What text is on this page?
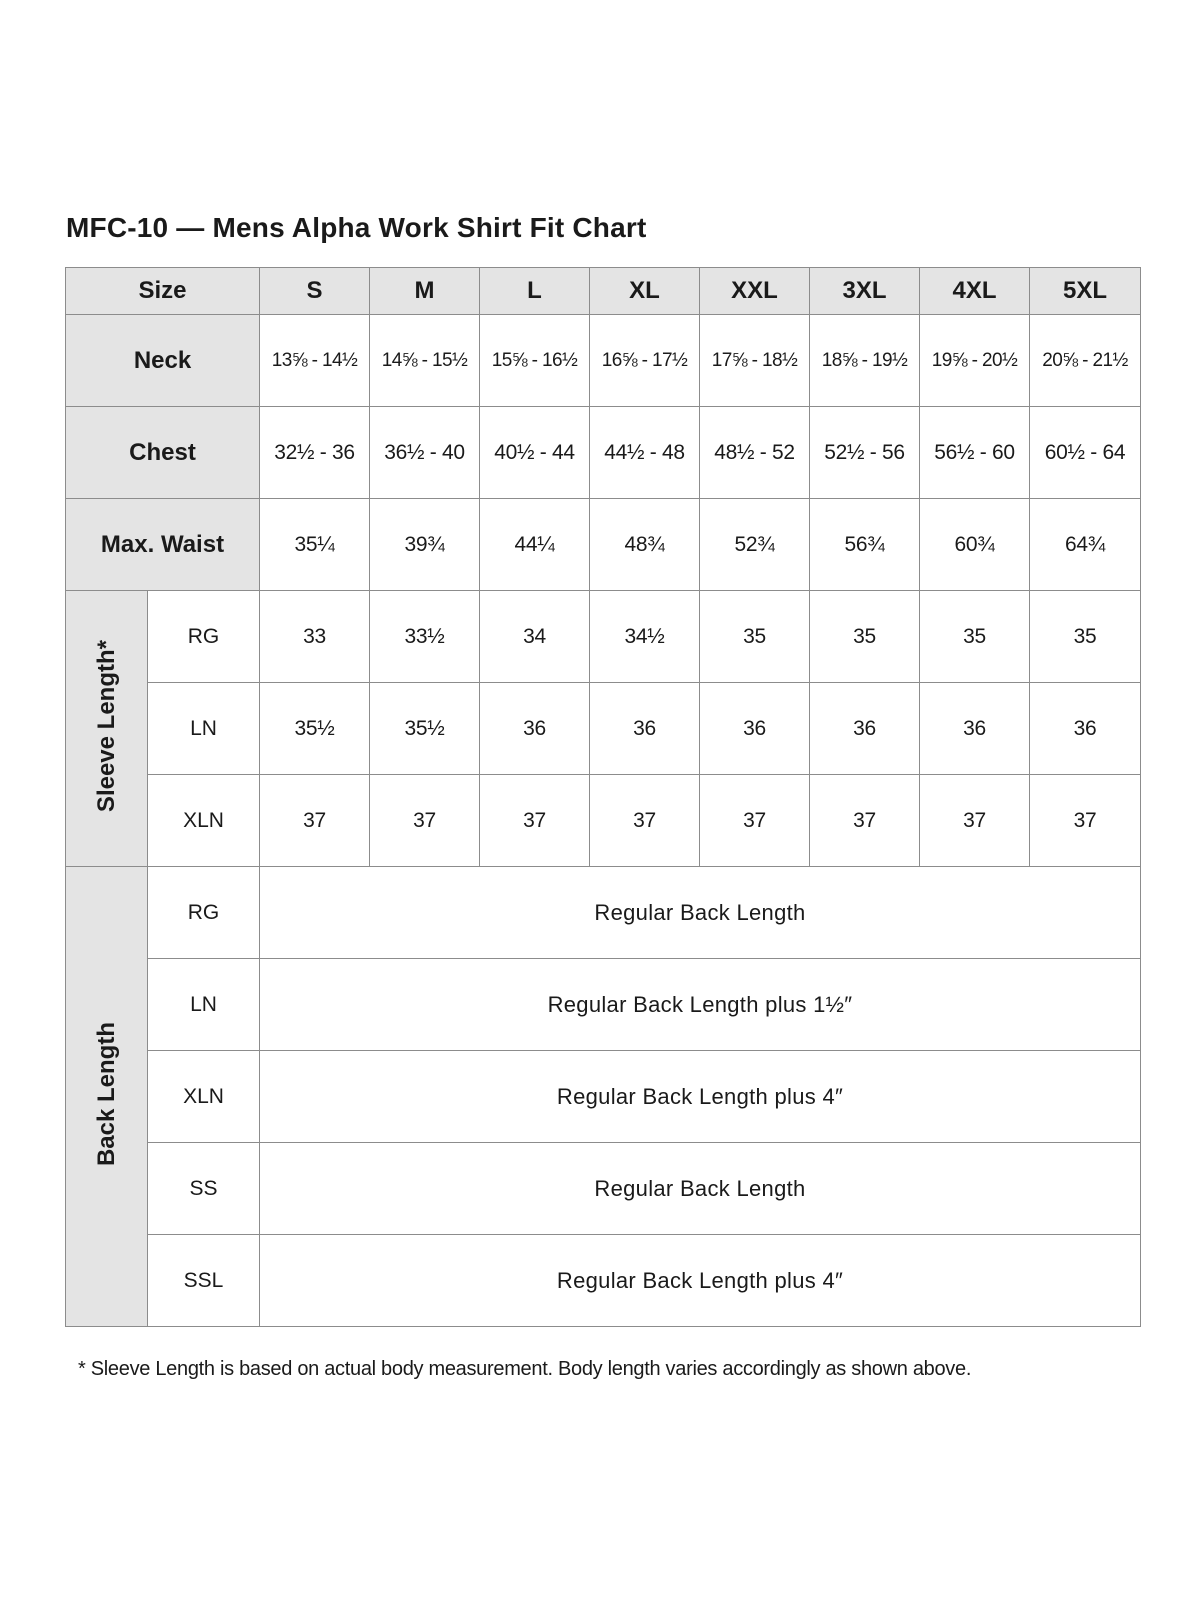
MFC-10 — Mens Alpha Work Shirt Fit Chart
Size		S	M	L	XL	XXL	3XL	4XL	5XL
Neck		13⅝ - 14½	14⅝ - 15½	15⅝ - 16½	16⅝ - 17½	17⅝ - 18½	18⅝ - 19½	19⅝ - 20½	20⅝ - 21½
Chest		32½ - 36	36½ - 40	40½ - 44	44½ - 48	48½ - 52	52½ - 56	56½ - 60	60½ - 64
Max. Waist		35¼	39¾	44¼	48¾	52¾	56¾	60¾	64¾
Sleeve Length*	RG	33	33½	34	34½	35	35	35	35
	LN	35½	35½	36	36	36	36	36	36
	XLN	37	37	37	37	37	37	37	37
Back Length	RG	Regular Back Length							
	LN	Regular Back Length plus 1½″							
	XLN	Regular Back Length plus 4″							
	SS	Regular Back Length							
	SSL	Regular Back Length plus 4″							
* Sleeve Length is based on actual body measurement. Body length varies accordingly as shown above.
